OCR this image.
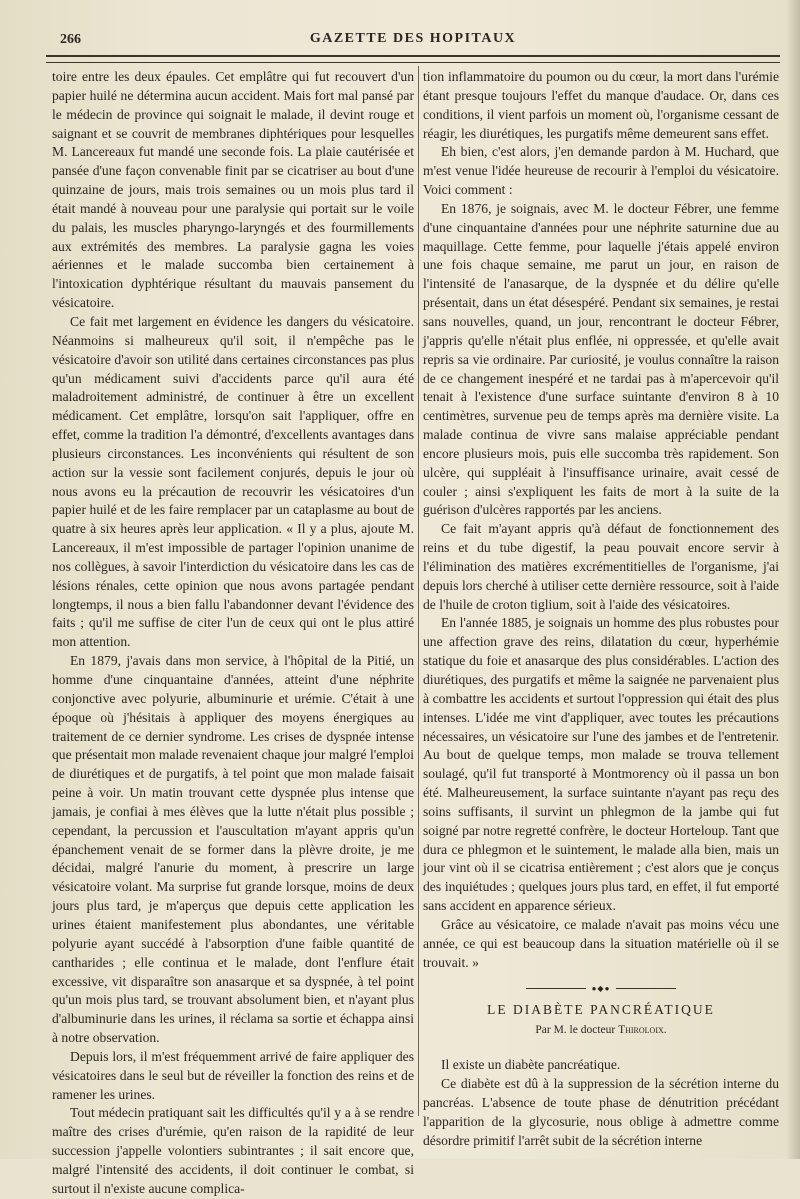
266	GAZETTE DES HOPITAUX

toire entre les deux épaules. Cet emplâtre qui fut recouvert d'un papier huilé ne détermina aucun accident. Mais fort mal pansé par le médecin de province qui soignait le malade, il devint rouge et saignant et se couvrit de membranes diphtériques pour lesquelles M. Lancereaux fut mandé une seconde fois. La plaie cautérisée et pansée d'une façon convenable finit par se cicatriser au bout d'une quinzaine de jours, mais trois semaines ou un mois plus tard il était mandé à nouveau pour une paralysie qui portait sur le voile du palais, les muscles pharyngo-laryngés et des fourmillements aux extrémités des membres. La paralysie gagna les voies aériennes et le malade succomba bien certainement à l'intoxication dyphtérique résultant du mauvais pansement du vésicatoire.

Ce fait met largement en évidence les dangers du vésicatoire. Néanmoins si malheureux qu'il soit, il n'empêche pas le vésicatoire d'avoir son utilité dans certaines circonstances pas plus qu'un médicament suivi d'accidents parce qu'il aura été maladroitement administré, de continuer à être un excellent médicament. Cet emplâtre, lorsqu'on sait l'appliquer, offre en effet, comme la tradition l'a démontré, d'excellents avantages dans plusieurs circonstances. Les inconvénients qui résultent de son action sur la vessie sont facilement conjurés, depuis le jour où nous avons eu la précaution de recouvrir les vésicatoires d'un papier huilé et de les faire remplacer par un cataplasme au bout de quatre à six heures après leur application. « Il y a plus, ajoute M. Lancereaux, il m'est impossible de partager l'opinion unanime de nos collègues, à savoir l'interdiction du vésicatoire dans les cas de lésions rénales, cette opinion que nous avons partagée pendant longtemps, il nous a bien fallu l'abandonner devant l'évidence des faits ; qu'il me suffise de citer l'un de ceux qui ont le plus attiré mon attention.

En 1879, j'avais dans mon service, à l'hôpital de la Pitié, un homme d'une cinquantaine d'années, atteint d'une néphrite conjonctive avec polyurie, albuminurie et urémie. C'était à une époque où j'hésitais à appliquer des moyens énergiques au traitement de ce dernier syndrome. Les crises de dyspnée intense que présentait mon malade revenaient chaque jour malgré l'emploi de diurétiques et de purgatifs, à tel point que mon malade faisait peine à voir. Un matin trouvant cette dyspnée plus intense que jamais, je confiai à mes élèves que la lutte n'était plus possible ; cependant, la percussion et l'auscultation m'ayant appris qu'un épanchement venait de se former dans la plèvre droite, je me décidai, malgré l'anurie du moment, à prescrire un large vésicatoire volant. Ma surprise fut grande lorsque, moins de deux jours plus tard, je m'aperçus que depuis cette application les urines étaient manifestement plus abondantes, une véritable polyurie ayant succédé à l'absorption d'une faible quantité de cantharides ; elle continua et le malade, dont l'enflure était excessive, vit disparaître son anasarque et sa dyspnée, à tel point qu'un mois plus tard, se trouvant absolument bien, et n'ayant plus d'albuminurie dans les urines, il réclama sa sortie et échappa ainsi à notre observation.

Depuis lors, il m'est fréquemment arrivé de faire appliquer des vésicatoires dans le seul but de réveiller la fonction des reins et de ramener les urines.

Tout médecin pratiquant sait les difficultés qu'il y a à se rendre maître des crises d'urémie, qu'en raison de la rapidité de leur succession j'appelle volontiers subintrantes ; il sait encore que, malgré l'intensité des accidents, il doit continuer le combat, si surtout il n'existe aucune complica-

tion inflammatoire du poumon ou du cœur, la mort dans l'urémie étant presque toujours l'effet du manque d'audace. Or, dans ces conditions, il vient parfois un moment où, l'organisme cessant de réagir, les diurétiques, les purgatifs même demeurent sans effet.

Eh bien, c'est alors, j'en demande pardon à M. Huchard, que m'est venue l'idée heureuse de recourir à l'emploi du vésicatoire. Voici comment :

En 1876, je soignais, avec M. le docteur Fébrer, une femme d'une cinquantaine d'années pour une néphrite saturnine due au maquillage. Cette femme, pour laquelle j'étais appelé environ une fois chaque semaine, me parut un jour, en raison de l'intensité de l'anasarque, de la dyspnée et du délire qu'elle présentait, dans un état désespéré. Pendant six semaines, je restai sans nouvelles, quand, un jour, rencontrant le docteur Fébrer, j'appris qu'elle n'était plus enflée, ni oppressée, et qu'elle avait repris sa vie ordinaire. Par curiosité, je voulus connaître la raison de ce changement inespéré et ne tardai pas à m'apercevoir qu'il tenait à l'existence d'une surface suintante d'environ 8 à 10 centimètres, survenue peu de temps après ma dernière visite. La malade continua de vivre sans malaise appréciable pendant encore plusieurs mois, puis elle succomba très rapidement. Son ulcère, qui suppléait à l'insuffisance urinaire, avait cessé de couler ; ainsi s'expliquent les faits de mort à la suite de la guérison d'ulcères rapportés par les anciens.

Ce fait m'ayant appris qu'à défaut de fonctionnement des reins et du tube digestif, la peau pouvait encore servir à l'élimination des matières excrémentitielles de l'organisme, j'ai depuis lors cherché à utiliser cette dernière ressource, soit à l'aide de l'huile de croton tiglium, soit à l'aide des vésicatoires.

En l'année 1885, je soignais un homme des plus robustes pour une affection grave des reins, dilatation du cœur, hyperhémie statique du foie et anasarque des plus considérables. L'action des diurétiques, des purgatifs et même la saignée ne parvenaient plus à combattre les accidents et surtout l'oppression qui était des plus intenses. L'idée me vint d'appliquer, avec toutes les précautions nécessaires, un vésicatoire sur l'une des jambes et de l'entretenir. Au bout de quelque temps, mon malade se trouva tellement soulagé, qu'il fut transporté à Montmorency où il passa un bon été. Malheureusement, la surface suintante n'ayant pas reçu des soins suffisants, il survint un phlegmon de la jambe qui fut soigné par notre regretté confrère, le docteur Horteloup. Tant que dura ce phlegmon et le suintement, le malade alla bien, mais un jour vint où il se cicatrisa entièrement ; c'est alors que je conçus des inquiétudes ; quelques jours plus tard, en effet, il fut emporté sans accident en apparence sérieux.

Grâce au vésicatoire, ce malade n'avait pas moins vécu une année, ce qui est beaucoup dans la situation matérielle où il se trouvait. »

●◆●
LE DIABÈTE PANCRÉATIQUE
Par M. le docteur Thiroloix.

Il existe un diabète pancréatique.

Ce diabète est dû à la suppression de la sécrétion interne du pancréas. L'absence de toute phase de dénutrition précédant l'apparition de la glycosurie, nous oblige à admettre comme désordre primitif l'arrêt subit de la sécrétion interne
